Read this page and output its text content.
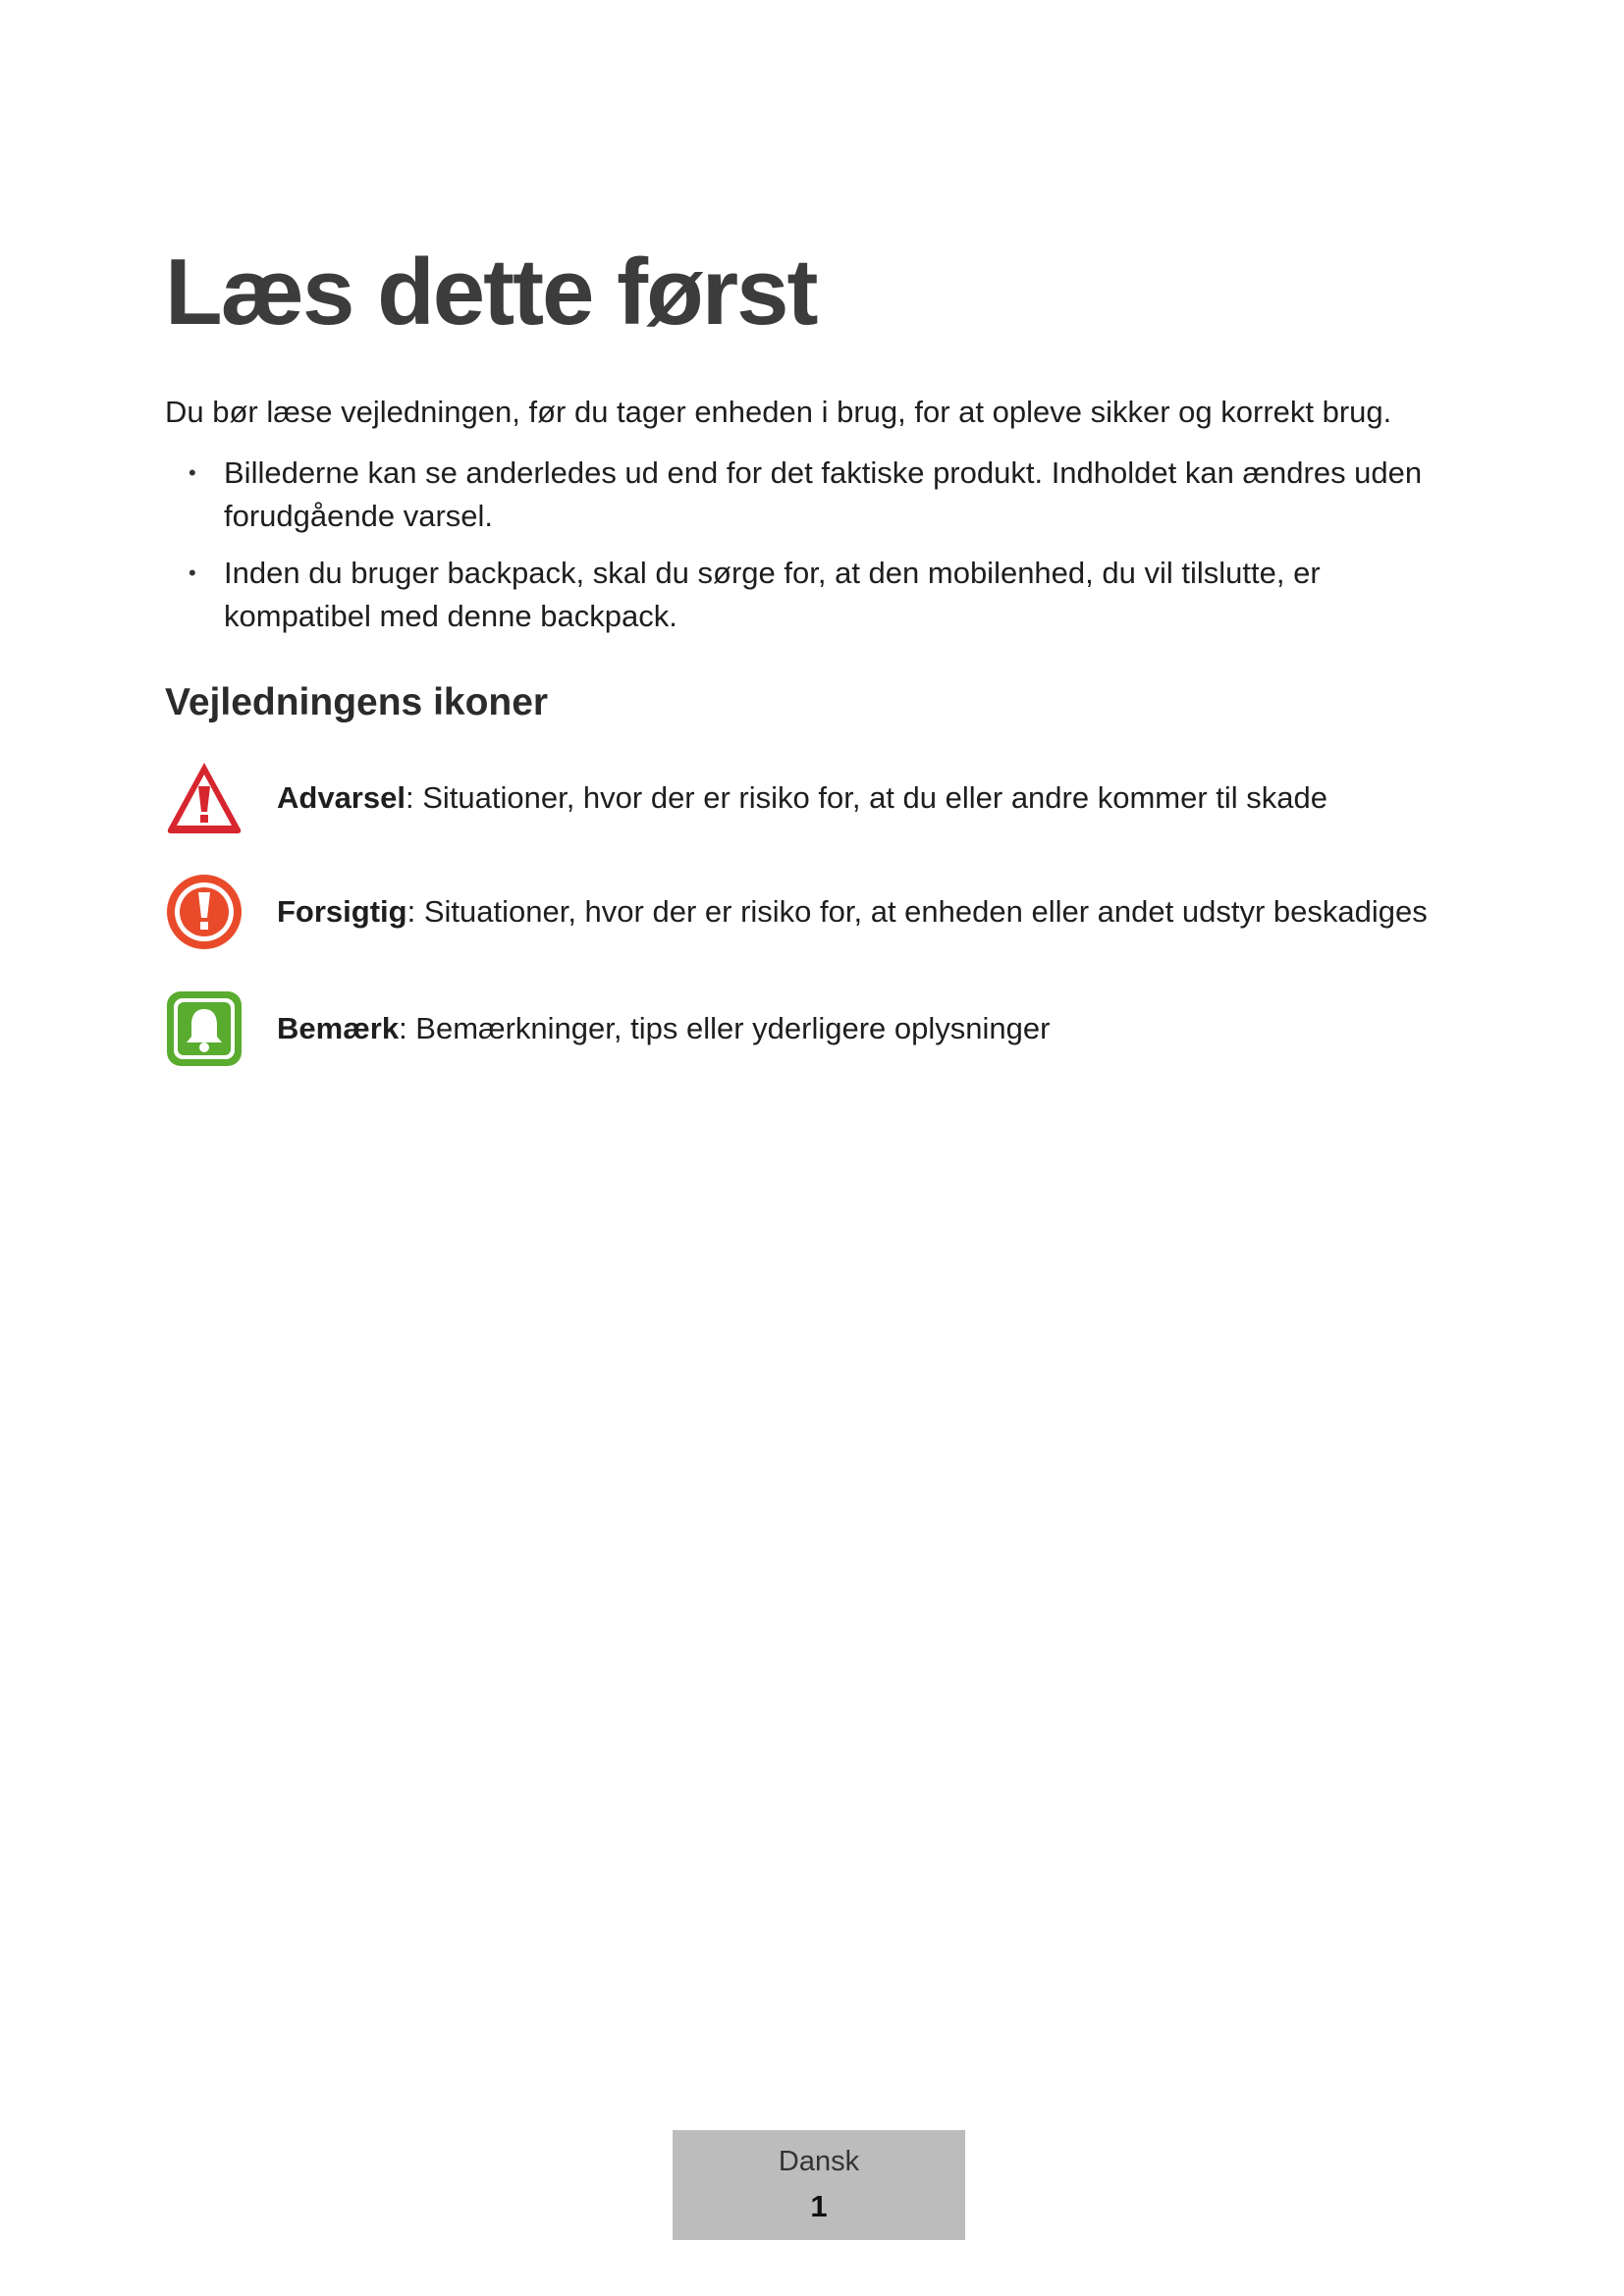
Læs dette først

Du bør læse vejledningen, før du tager enheden i brug, for at opleve sikker og korrekt brug.

• Billederne kan se anderledes ud end for det faktiske produkt. Indholdet kan ændres uden forudgående varsel.
• Inden du bruger backpack, skal du sørge for, at den mobilenhed, du vil tilslutte, er kompatibel med denne backpack.
Vejledningens ikoner
Advarsel: Situationer, hvor der er risiko for, at du eller andre kommer til skade
Forsigtig: Situationer, hvor der er risiko for, at enheden eller andet udstyr beskadiges
Bemærk: Bemærkninger, tips eller yderligere oplysninger
Dansk
1
